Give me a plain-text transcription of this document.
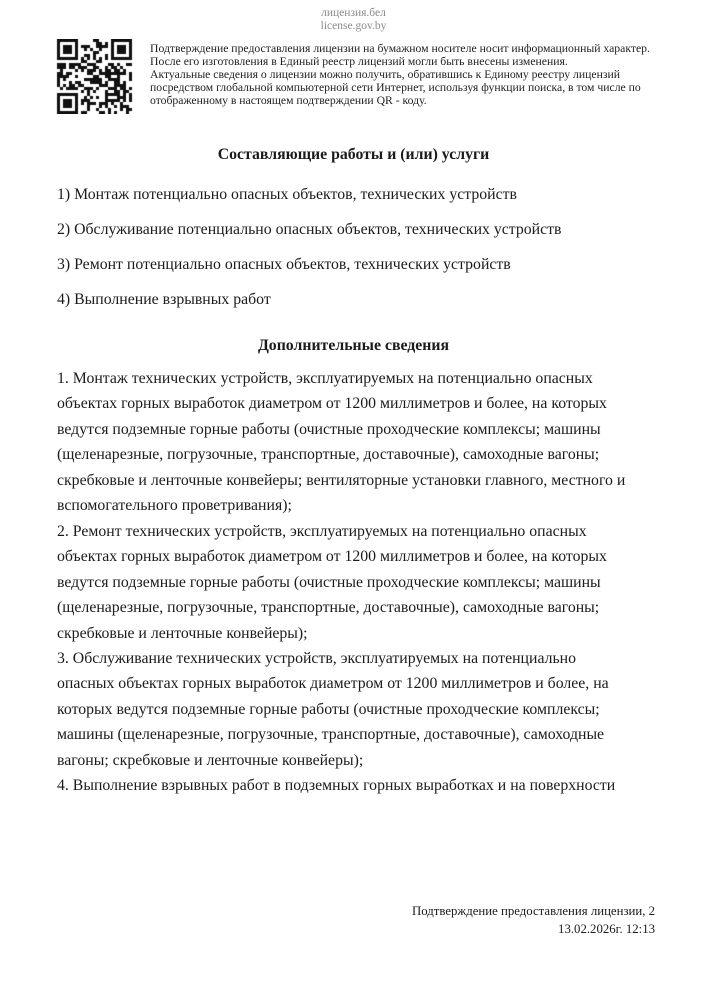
лицензия.бел
license.gov.by
Подтверждение предоставления лицензии на бумажном носителе носит информационный характер.
После его изготовления в Единый реестр лицензий могли быть внесены изменения.
Актуальные сведения о лицензии можно получить, обратившись к Единому реестру лицензий
посредством глобальной компьютерной сети Интернет, используя функции поиска, в том числе по
отображенному в настоящем подтверждении QR - коду.
Составляющие работы и (или) услуги
1) Монтаж потенциально опасных объектов, технических устройств
2) Обслуживание потенциально опасных объектов, технических устройств
3) Ремонт потенциально опасных объектов, технических устройств
4) Выполнение взрывных работ
Дополнительные сведения
1. Монтаж технических устройств, эксплуатируемых на потенциально опасных
объектах горных выработок диаметром от 1200 миллиметров и более, на которых
ведутся подземные горные работы (очистные проходческие комплексы; машины
(щеленарезные, погрузочные, транспортные, доставочные), самоходные вагоны;
скребковые и ленточные конвейеры; вентиляторные установки главного, местного и
вспомогательного проветривания);
2. Ремонт технических устройств, эксплуатируемых на потенциально опасных
объектах горных выработок диаметром от 1200 миллиметров и более, на которых
ведутся подземные горные работы (очистные проходческие комплексы; машины
(щеленарезные, погрузочные, транспортные, доставочные), самоходные вагоны;
скребковые и ленточные конвейеры);
3. Обслуживание технических устройств, эксплуатируемых на потенциально
опасных объектах горных выработок диаметром от 1200 миллиметров и более, на
которых ведутся подземные горные работы (очистные проходческие комплексы;
машины (щеленарезные, погрузочные, транспортные, доставочные), самоходные
вагоны; скребковые и ленточные конвейеры);
4. Выполнение взрывных работ в подземных горных выработках и на поверхности
Подтверждение предоставления лицензии, 2
13.02.2026г. 12:13
